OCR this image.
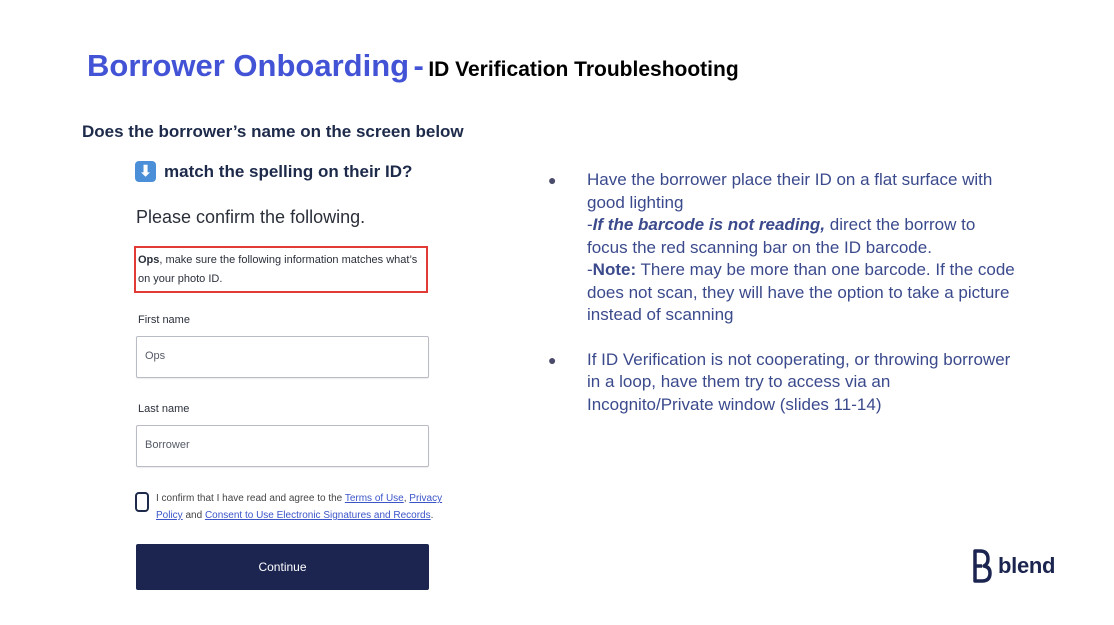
Borrower Onboarding - ID Verification Troubleshooting
Does the borrower’s name on the screen below
⬇ match the spelling on their ID?
Please confirm the following.
Ops, make sure the following information matches what’s on your photo ID.
First name
Ops
Last name
Borrower
I confirm that I have read and agree to the Terms of Use, Privacy Policy and Consent to Use Electronic Signatures and Records.
Continue
● Have the borrower place their ID on a flat surface with good lighting
-If the barcode is not reading, direct the borrow to focus the red scanning bar on the ID barcode.
-Note: There may be more than one barcode. If the code does not scan, they will have the option to take a picture instead of scanning
● If ID Verification is not cooperating, or throwing borrower in a loop, have them try to access via an Incognito/Private window (slides 11-14)
blend
